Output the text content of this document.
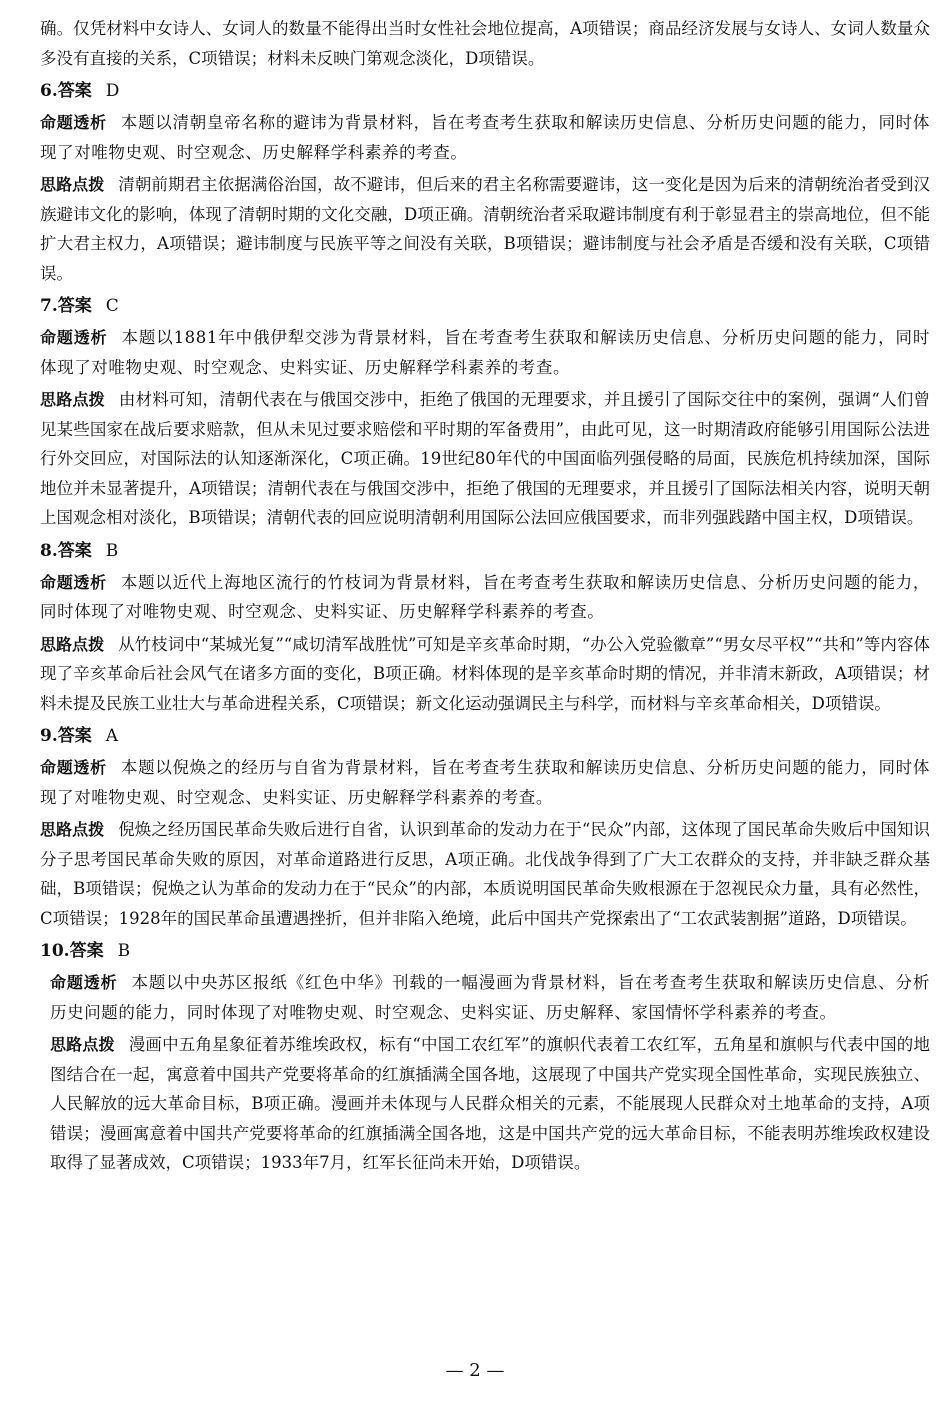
确。仅凭材料中女诗人、女词人的数量不能得出当时女性社会地位提高，A项错误；商品经济发展与女诗人、女词人数量众多没有直接的关系，C项错误；材料未反映门第观念淡化，D项错误。

6.答案 D

命题透析 本题以清朝皇帝名称的避讳为背景材料，旨在考查考生获取和解读历史信息、分析历史问题的能力，同时体现了对唯物史观、时空观念、历史解释学科素养的考查。

思路点拨 清朝前期君主依据满俗治国，故不避讳，但后来的君主名称需要避讳，这一变化是因为后来的清朝统治者受到汉族避讳文化的影响，体现了清朝时期的文化交融，D项正确。清朝统治者采取避讳制度有利于彰显君主的崇高地位，但不能扩大君主权力，A项错误；避讳制度与民族平等之间没有关联，B项错误；避讳制度与社会矛盾是否缓和没有关联，C项错误。

7.答案 C

命题透析 本题以1881年中俄伊犁交涉为背景材料，旨在考查考生获取和解读历史信息、分析历史问题的能力，同时体现了对唯物史观、时空观念、史料实证、历史解释学科素养的考查。

思路点拨 由材料可知，清朝代表在与俄国交涉中，拒绝了俄国的无理要求，并且援引了国际交往中的案例，强调“人们曾见某些国家在战后要求赔款，但从未见过要求赔偿和平时期的军备费用”，由此可见，这一时期清政府能够引用国际公法进行外交回应，对国际法的认知逐渐深化，C项正确。19世纪80年代的中国面临列强侵略的局面，民族危机持续加深，国际地位并未显著提升，A项错误；清朝代表在与俄国交涉中，拒绝了俄国的无理要求，并且援引了国际法相关内容，说明天朝上国观念相对淡化，B项错误；清朝代表的回应说明清朝利用国际公法回应俄国要求，而非列强践踏中国主权，D项错误。

8.答案 B

命题透析 本题以近代上海地区流行的竹枝词为背景材料，旨在考查考生获取和解读历史信息、分析历史问题的能力，同时体现了对唯物史观、时空观念、史料实证、历史解释学科素养的考查。

思路点拨 从竹枝词中“某城光复”“咸切清军战胜忧”可知是辛亥革命时期，“办公入党验徽章”“男女尽平权”“共和”等内容体现了辛亥革命后社会风气在诸多方面的变化，B项正确。材料体现的是辛亥革命时期的情况，并非清末新政，A项错误；材料未提及民族工业壮大与革命进程关系，C项错误；新文化运动强调民主与科学，而材料与辛亥革命相关，D项错误。

9.答案 A

命题透析 本题以倪焕之的经历与自省为背景材料，旨在考查考生获取和解读历史信息、分析历史问题的能力，同时体现了对唯物史观、时空观念、史料实证、历史解释学科素养的考查。

思路点拨 倪焕之经历国民革命失败后进行自省，认识到革命的发动力在于“民众”内部，这体现了国民革命失败后中国知识分子思考国民革命失败的原因，对革命道路进行反思，A项正确。北伐战争得到了广大工农群众的支持，并非缺乏群众基础，B项错误；倪焕之认为革命的发动力在于“民众”的内部，本质说明国民革命失败根源在于忽视民众力量，具有必然性，C项错误；1928年的国民革命虽遭遇挫折，但并非陷入绝境，此后中国共产党探索出了“工农武装割据”道路，D项错误。

10.答案 B

命题透析 本题以中央苏区报纸《红色中华》刊载的一幅漫画为背景材料，旨在考查考生获取和解读历史信息、分析历史问题的能力，同时体现了对唯物史观、时空观念、史料实证、历史解释、家国情怀学科素养的考查。

思路点拨 漫画中五角星象征着苏维埃政权，标有“中国工农红军”的旗帜代表着工农红军，五角星和旗帜与代表中国的地图结合在一起，寓意着中国共产党要将革命的红旗插满全国各地，这展现了中国共产党实现全国性革命，实现民族独立、人民解放的远大革命目标，B项正确。漫画并未体现与人民群众相关的元素，不能展现人民群众对土地革命的支持，A项错误；漫画寓意着中国共产党要将革命的红旗插满全国各地，这是中国共产党的远大革命目标，不能表明苏维埃政权建设取得了显著成效，C项错误；1933年7月，红军长征尚未开始，D项错误。

— 2 —
